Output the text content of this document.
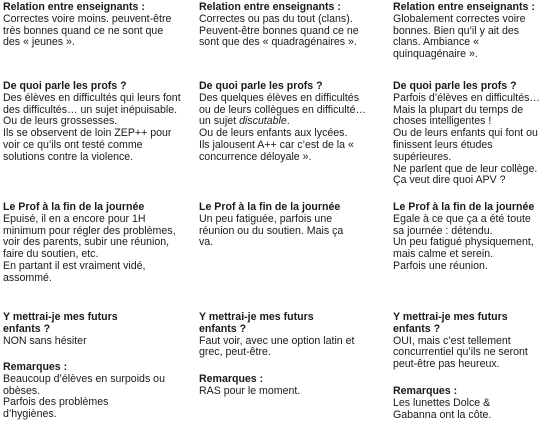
Relation entre enseignants :

Correctes voire moins. peuvent-être très bonnes quand ce ne sont que des « jeunes ».

De quoi parle les profs ?

Des élèves en difficultés qui leurs font des difficultés… un sujet inépuisable.

Ou de leurs grossesses.

Ils se observent de loin ZEP++ pour voir ce qu’ils ont testé comme solutions contre la violence.

Le Prof à la fin de la journée

Epuisé, il en a encore pour 1H minimum pour régler des problèmes, voir des parents, subir une réunion, faire du soutien, etc.

En partant il est vraiment vidé, assommé.

Y mettrai-je mes futurs enfants ?

NON sans hésiter

Remarques :

Beaucoup d’élèves en surpoids ou obèses.

Parfois des problèmes d’hygiènes.

Relation entre enseignants :

Correctes ou pas du tout (clans). Peuvent-être bonnes quand ce ne sont que des « quadragénaires ».

De quoi parle les profs ?

Des quelques élèves en difficultés ou de leurs collègues en difficulté… un sujet discutable.

Ou de leurs enfants aux lycées.

Ils jalousent A++ car c’est de la « concurrence déloyale ».

Le Prof à la fin de la journée

Un peu fatiguée, parfois une réunion ou du soutien. Mais ça va.

Y mettrai-je mes futurs enfants ?

Faut voir, avec une option latin et grec, peut-être.

Remarques :

RAS pour le moment.

Relation entre enseignants :

Globalement correctes voire bonnes. Bien qu’il y ait des clans. Ambiance « quinquagénaire ».

De quoi parle les profs ?

Parfois d’élèves en difficultés… Mais la plupart du temps de choses intelligentes !

Ou de leurs enfants qui font ou finissent leurs études supérieures.

Ne parlent que de leur collège. Ça veut dire quoi APV ?

Le Prof à la fin de la journée

Egale à ce que ça a été toute sa journée : détendu.

Un peu fatigué physiquement, mais calme et serein.

Parfois une réunion.

Y mettrai-je mes futurs enfants ?

OUI, mais c’est tellement concurrentiel qu’ils ne seront peut-être pas heureux.

Remarques :

Les lunettes Dolce & Gabanna ont la côte.
